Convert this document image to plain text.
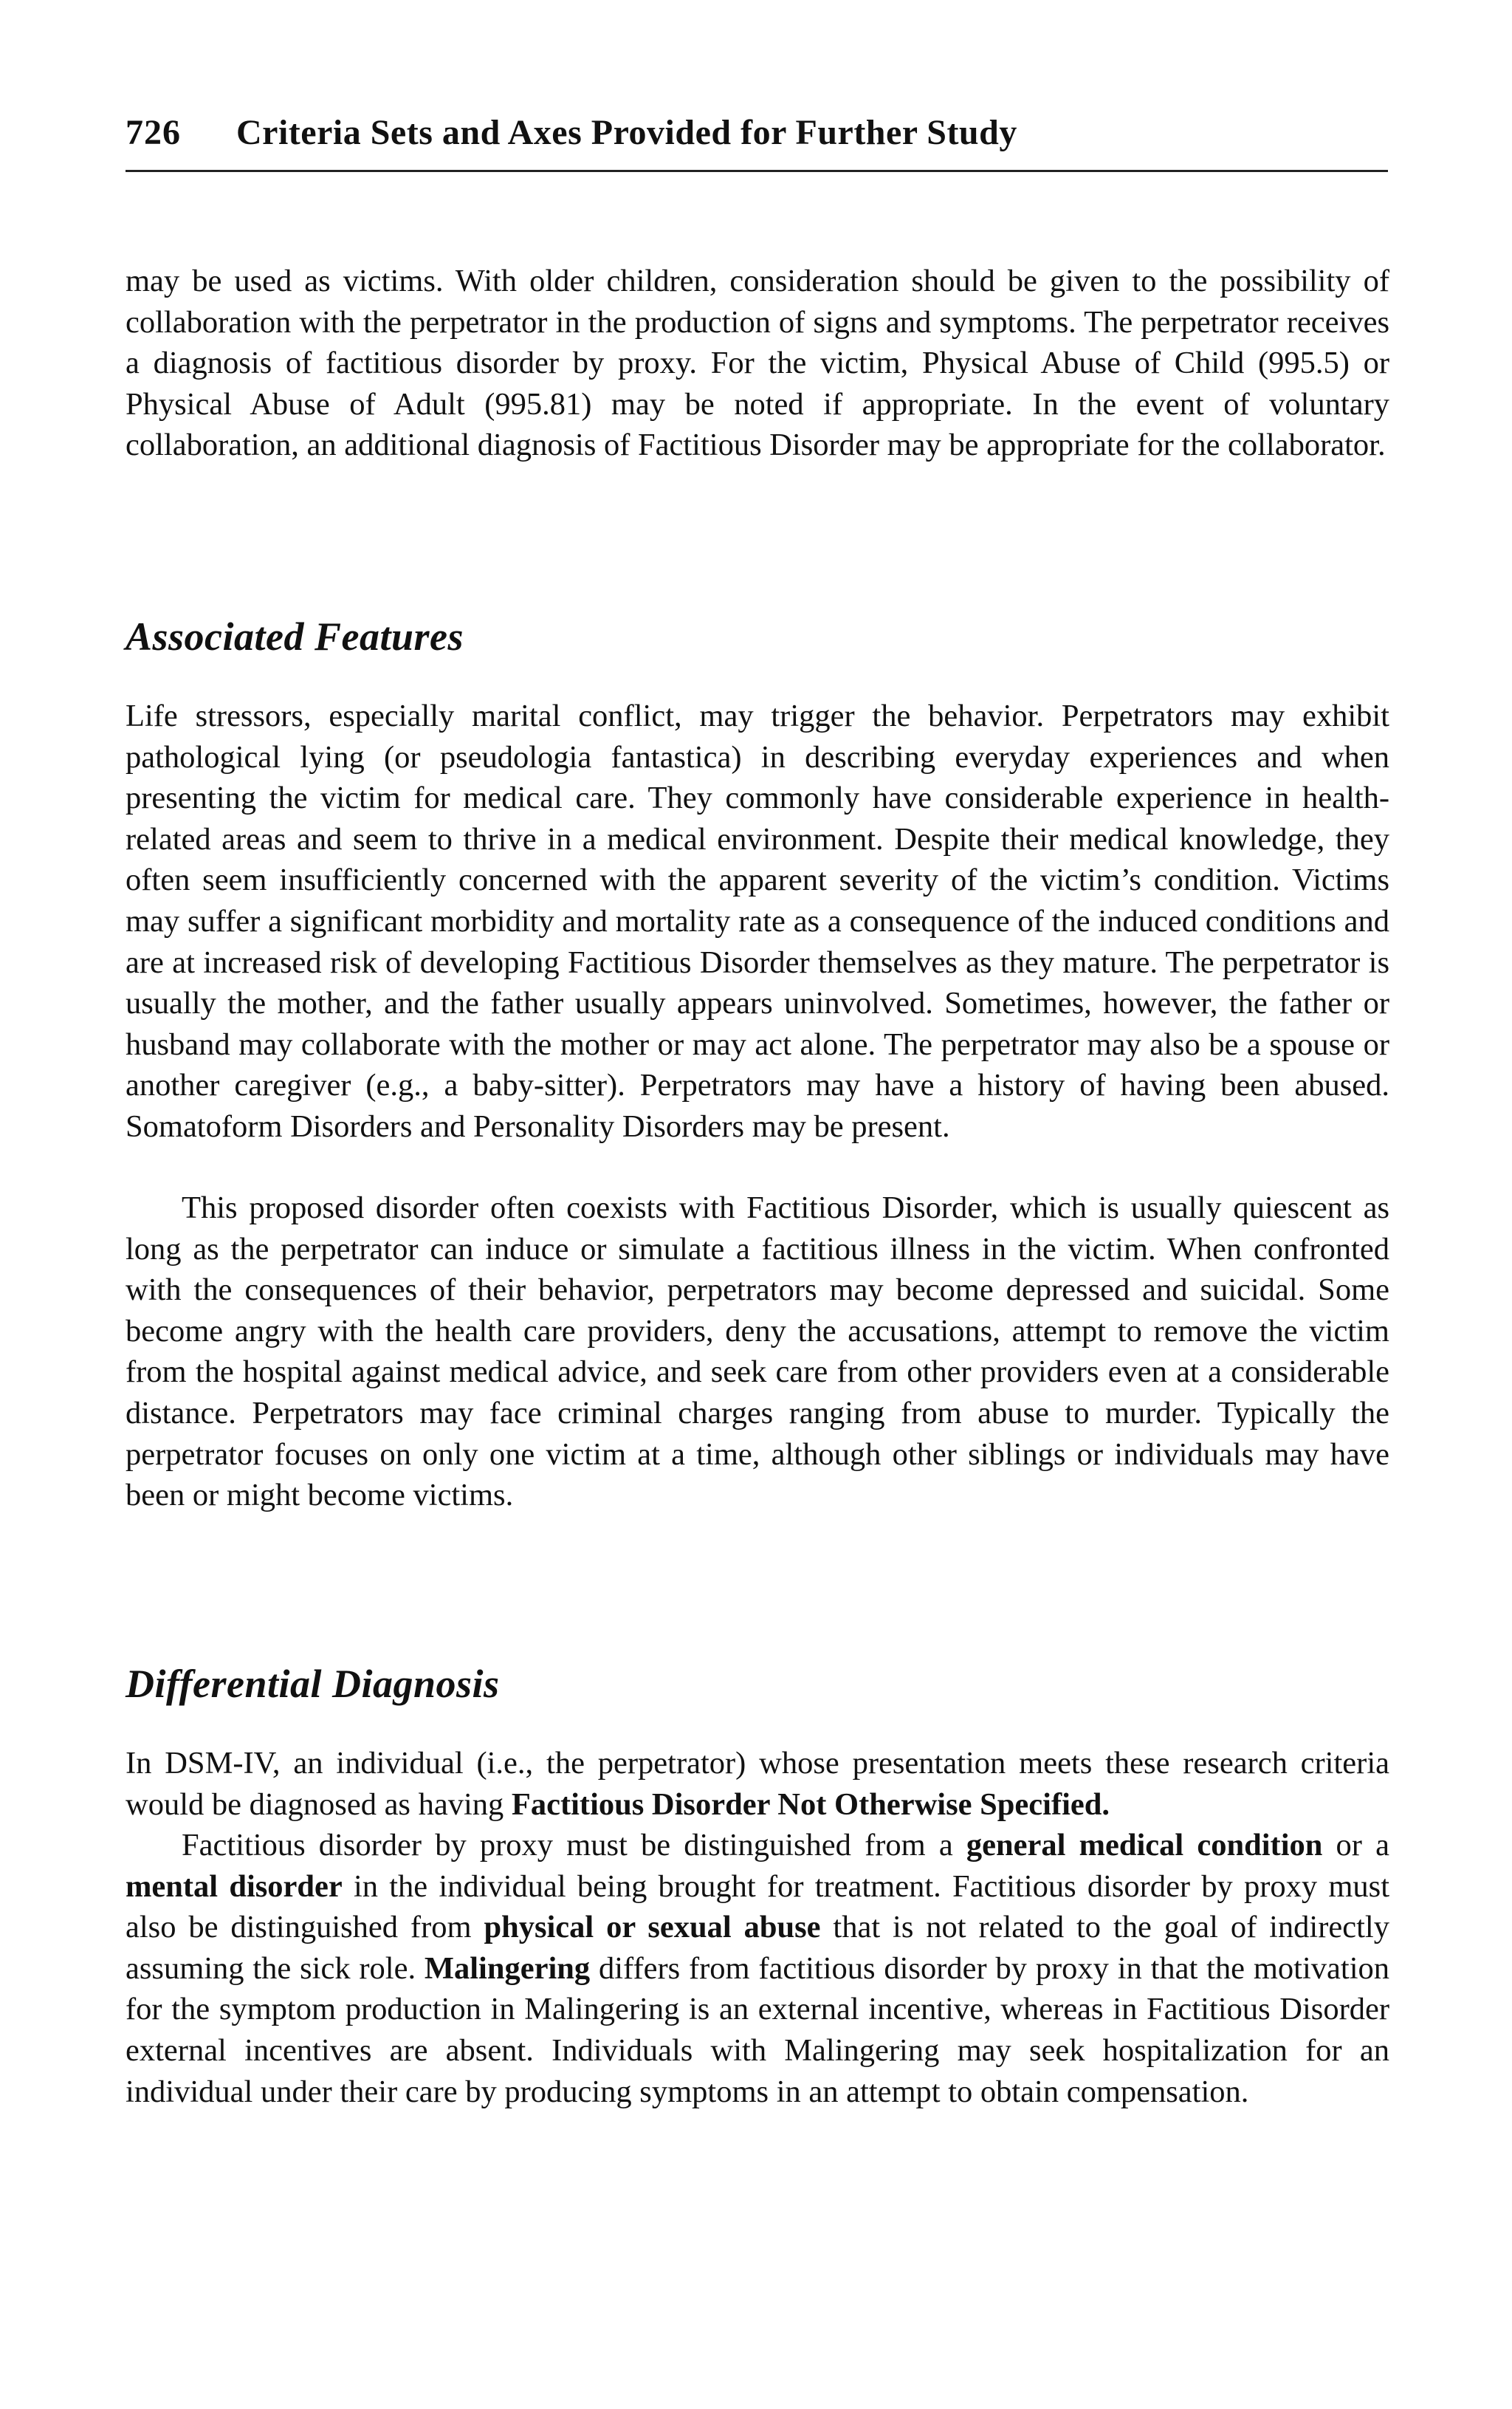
726	Criteria Sets and Axes Provided for Further Study

may be used as victims. With older children, consideration should be given to the possibility of collaboration with the perpetrator in the production of signs and symptoms. The perpetrator receives a diagnosis of factitious disorder by proxy. For the victim, Physical Abuse of Child (995.5) or Physical Abuse of Adult (995.81) may be noted if appropriate. In the event of voluntary collaboration, an additional diagnosis of Factitious Disorder may be appropriate for the collaborator.

Associated Features

Life stressors, especially marital conflict, may trigger the behavior. Perpetrators may exhibit pathological lying (or pseudologia fantastica) in describing everyday experiences and when presenting the victim for medical care. They commonly have considerable experience in health-related areas and seem to thrive in a medical environment. Despite their medical knowledge, they often seem insufficiently concerned with the apparent severity of the victim’s condition. Victims may suffer a significant morbidity and mortality rate as a consequence of the induced conditions and are at increased risk of developing Factitious Disorder themselves as they mature. The perpetrator is usually the mother, and the father usually appears uninvolved. Sometimes, however, the father or husband may collaborate with the mother or may act alone. The perpetrator may also be a spouse or another caregiver (e.g., a baby-sitter). Perpetrators may have a history of having been abused. Somatoform Disorders and Personality Disorders may be present.

This proposed disorder often coexists with Factitious Disorder, which is usually quiescent as long as the perpetrator can induce or simulate a factitious illness in the victim. When confronted with the consequences of their behavior, perpetrators may become depressed and suicidal. Some become angry with the health care providers, deny the accusations, attempt to remove the victim from the hospital against medical advice, and seek care from other providers even at a considerable distance. Perpetrators may face criminal charges ranging from abuse to murder. Typically the perpetrator focuses on only one victim at a time, although other siblings or individuals may have been or might become victims.

Differential Diagnosis

In DSM-IV, an individual (i.e., the perpetrator) whose presentation meets these research criteria would be diagnosed as having Factitious Disorder Not Otherwise Specified.

Factitious disorder by proxy must be distinguished from a general medical condition or a mental disorder in the individual being brought for treatment. Factitious disorder by proxy must also be distinguished from physical or sexual abuse that is not related to the goal of indirectly assuming the sick role. Malingering differs from factitious disorder by proxy in that the motivation for the symptom production in Malingering is an external incentive, whereas in Factitious Disorder external incentives are absent. Individuals with Malingering may seek hospitalization for an individual under their care by producing symptoms in an attempt to obtain compensation.
